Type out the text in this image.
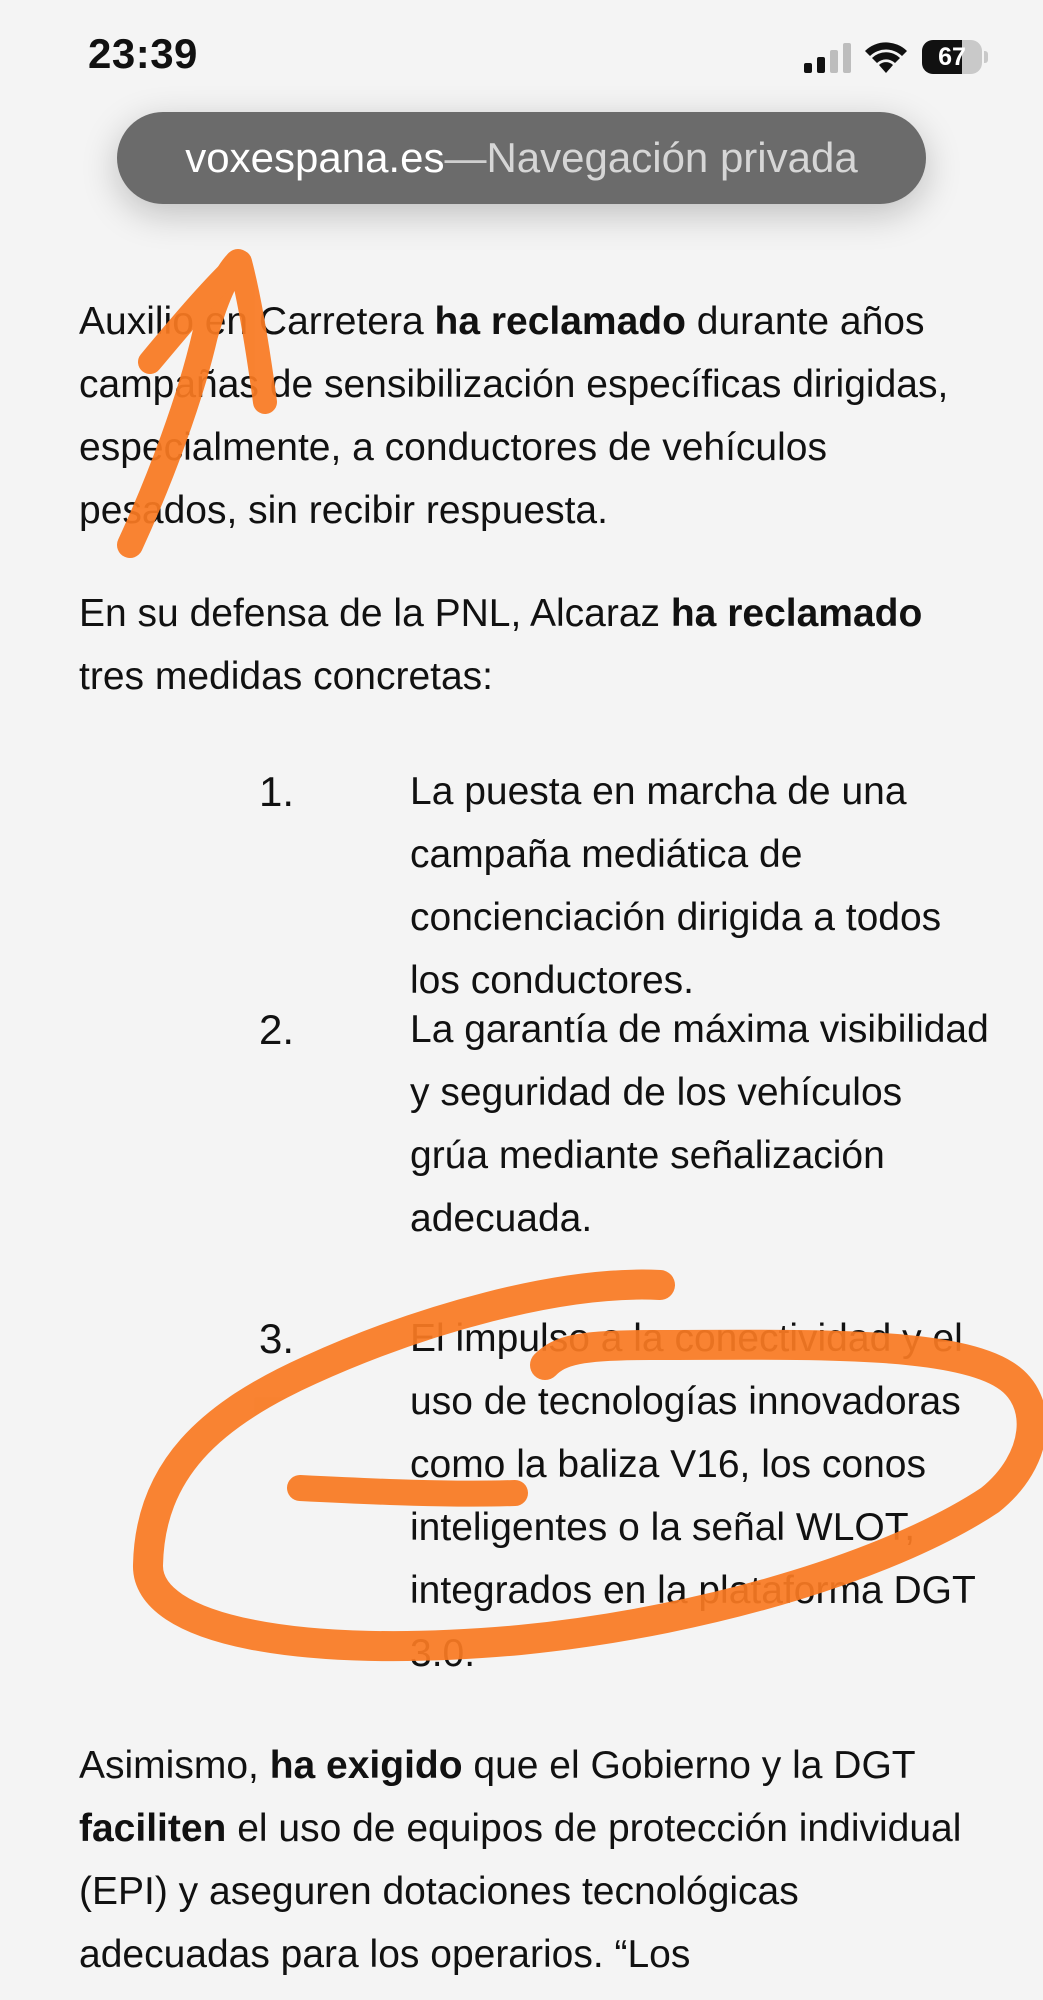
23:39	67
voxespana.es — Navegación privada

Auxilio en Carretera ha reclamado durante años campañas de sensibilización específicas dirigidas, especialmente, a conductores de vehículos pesados, sin recibir respuesta.

En su defensa de la PNL, Alcaraz ha reclamado tres medidas concretas:

1.	La puesta en marcha de una campaña mediática de concienciación dirigida a todos los conductores.
2.	La garantía de máxima visibilidad y seguridad de los vehículos grúa mediante señalización adecuada.
3.	El impulso a la conectividad y el uso de tecnologías innovadoras como la baliza V16, los conos inteligentes o la señal WLOT, integrados en la plataforma DGT 3.0.

Asimismo, ha exigido que el Gobierno y la DGT faciliten el uso de equipos de protección individual (EPI) y aseguren dotaciones tecnológicas adecuadas para los operarios. “Los
